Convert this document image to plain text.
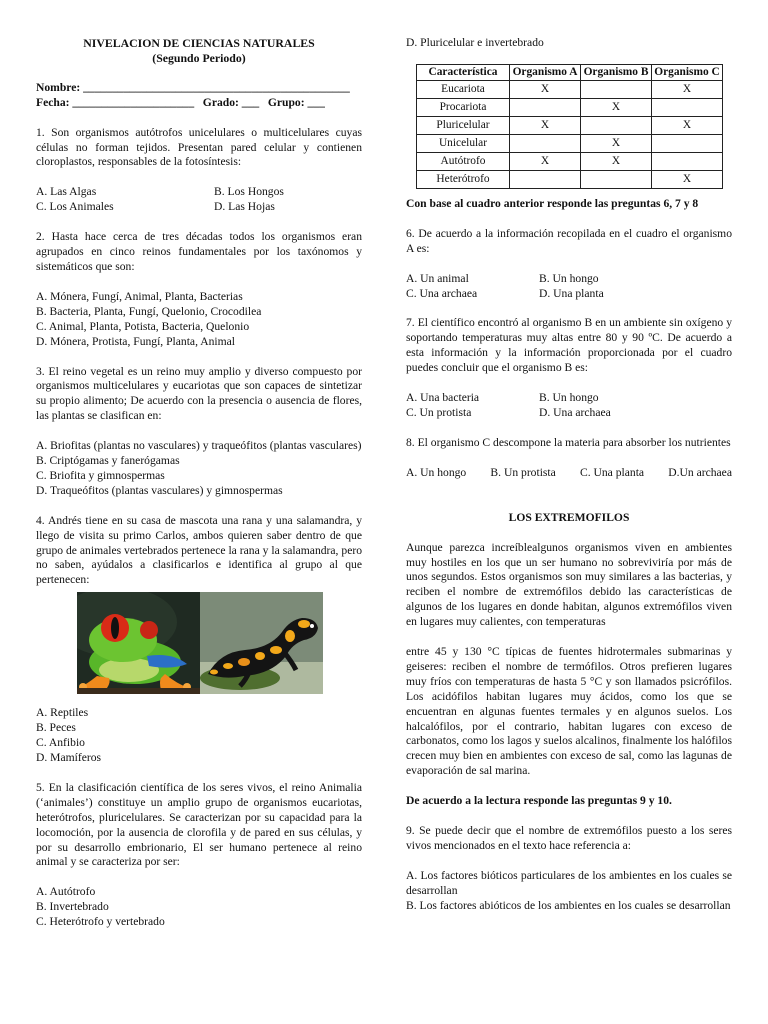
NIVELACION DE CIENCIAS NATURALES

(Segundo Periodo)

Nombre: ______________________________________________

Fecha: _____________________   Grado: ___   Grupo: ___

1. Son organismos autótrofos unicelulares o multicelulares cuyas células no forman tejidos. Presentan pared celular y contienen cloroplastos, responsables de la fotosíntesis:

A. Las Algas	B. Los Hongos
C. Los Animales	D. Las Hojas

2. Hasta hace cerca de tres décadas todos los organismos eran agrupados en cinco reinos fundamentales por los taxónomos y sistemáticos que son:

A. Mónera, Fungí, Animal, Planta, Bacterias

B. Bacteria, Planta, Fungí, Quelonio, Crocodilea

C. Animal, Planta, Potista, Bacteria, Quelonio

D. Mónera, Protista, Fungí, Planta, Animal

3. El reino vegetal es un reino muy amplio y diverso compuesto por organismos multicelulares y eucariotas que son capaces de sintetizar su propio alimento; De acuerdo con la presencia o ausencia de flores, las plantas se clasifican en:

A. Briofitas (plantas no vasculares) y traqueófitos (plantas vasculares)

B. Criptógamas y fanerógamas

C. Briofita y gimnospermas

D. Traqueófitos (plantas vasculares) y gimnospermas

4. Andrés tiene en su casa de mascota una rana y una salamandra, y llego de visita su primo Carlos, ambos quieren saber dentro de que grupo de animales vertebrados pertenece la rana y la salamandra, pero no saben, ayúdalos a clasificarlos e identifica al grupo al que pertenecen:

A. Reptiles

B. Peces

C. Anfibio

D. Mamíferos

5. En la clasificación científica de los seres vivos, el reino Animalia (‘animales’) constituye un amplio grupo de organismos eucariotas, heterótrofos, pluricelulares. Se caracterizan por su capacidad para la locomoción, por la ausencia de clorofila y de pared en sus células, y por su desarrollo embrionario, El ser humano pertenece al reino animal y se caracteriza por ser:

A. Autótrofo

B. Invertebrado

C. Heterótrofo y vertebrado

D. Pluricelular e invertebrado

Característica	Organismo A	Organismo B	Organismo C
Eucariota	X		X
Procariota		X	
Pluricelular	X		X
Unicelular		X	
Autótrofo	X	X	
Heterótrofo			X

Con base al cuadro anterior responde las preguntas 6, 7 y 8

6. De acuerdo a la información recopilada en el cuadro el organismo A es:

A. Un animal	B. Un hongo
C. Una archaea	D. Una planta

7. El científico encontró al organismo B en un ambiente sin oxígeno y soportando temperaturas muy altas entre 80 y 90 ºC. De acuerdo a esta información y la información proporcionada por el cuadro puedes concluir que el organismo B es:

A. Una bacteria	B. Un hongo
C. Un protista	D. Una archaea

8. El organismo C descompone la materia para absorber los nutrientes

A. Un hongo B. Un protista C. Una planta D.Un archaea

LOS EXTREMOFILOS

Aunque parezca increíblealgunos organismos viven en ambientes muy hostiles en los que un ser humano no sobreviviría por más de unos segundos. Estos organismos son muy similares a las bacterias, y reciben el nombre de extremófilos debido las características de algunos de los lugares en donde habitan, algunos extremófilos viven en lugares muy calientes, con temperaturas

entre 45 y 130 °C típicas de fuentes hidrotermales submarinas y geiseres: reciben el nombre de termófilos. Otros prefieren lugares muy fríos con temperaturas de hasta 5 °C y son llamados psicrófilos. Los acidófilos habitan lugares muy ácidos, como los que se encuentran en algunas fuentes termales y en algunos suelos. Los halcalófilos, por el contrario, habitan lugares con exceso de carbonatos, como los lagos y suelos alcalinos, finalmente los halófilos crecen muy bien en ambientes con exceso de sal, como las lagunas de evaporación de sal marina.

De acuerdo a la lectura responde las preguntas 9 y 10.

9. Se puede decir que el nombre de extremófilos puesto a los seres vivos mencionados en el texto hace referencia a:

A. Los factores bióticos particulares de los ambientes en los cuales se desarrollan

B. Los factores abióticos de los ambientes en los cuales se desarrollan
